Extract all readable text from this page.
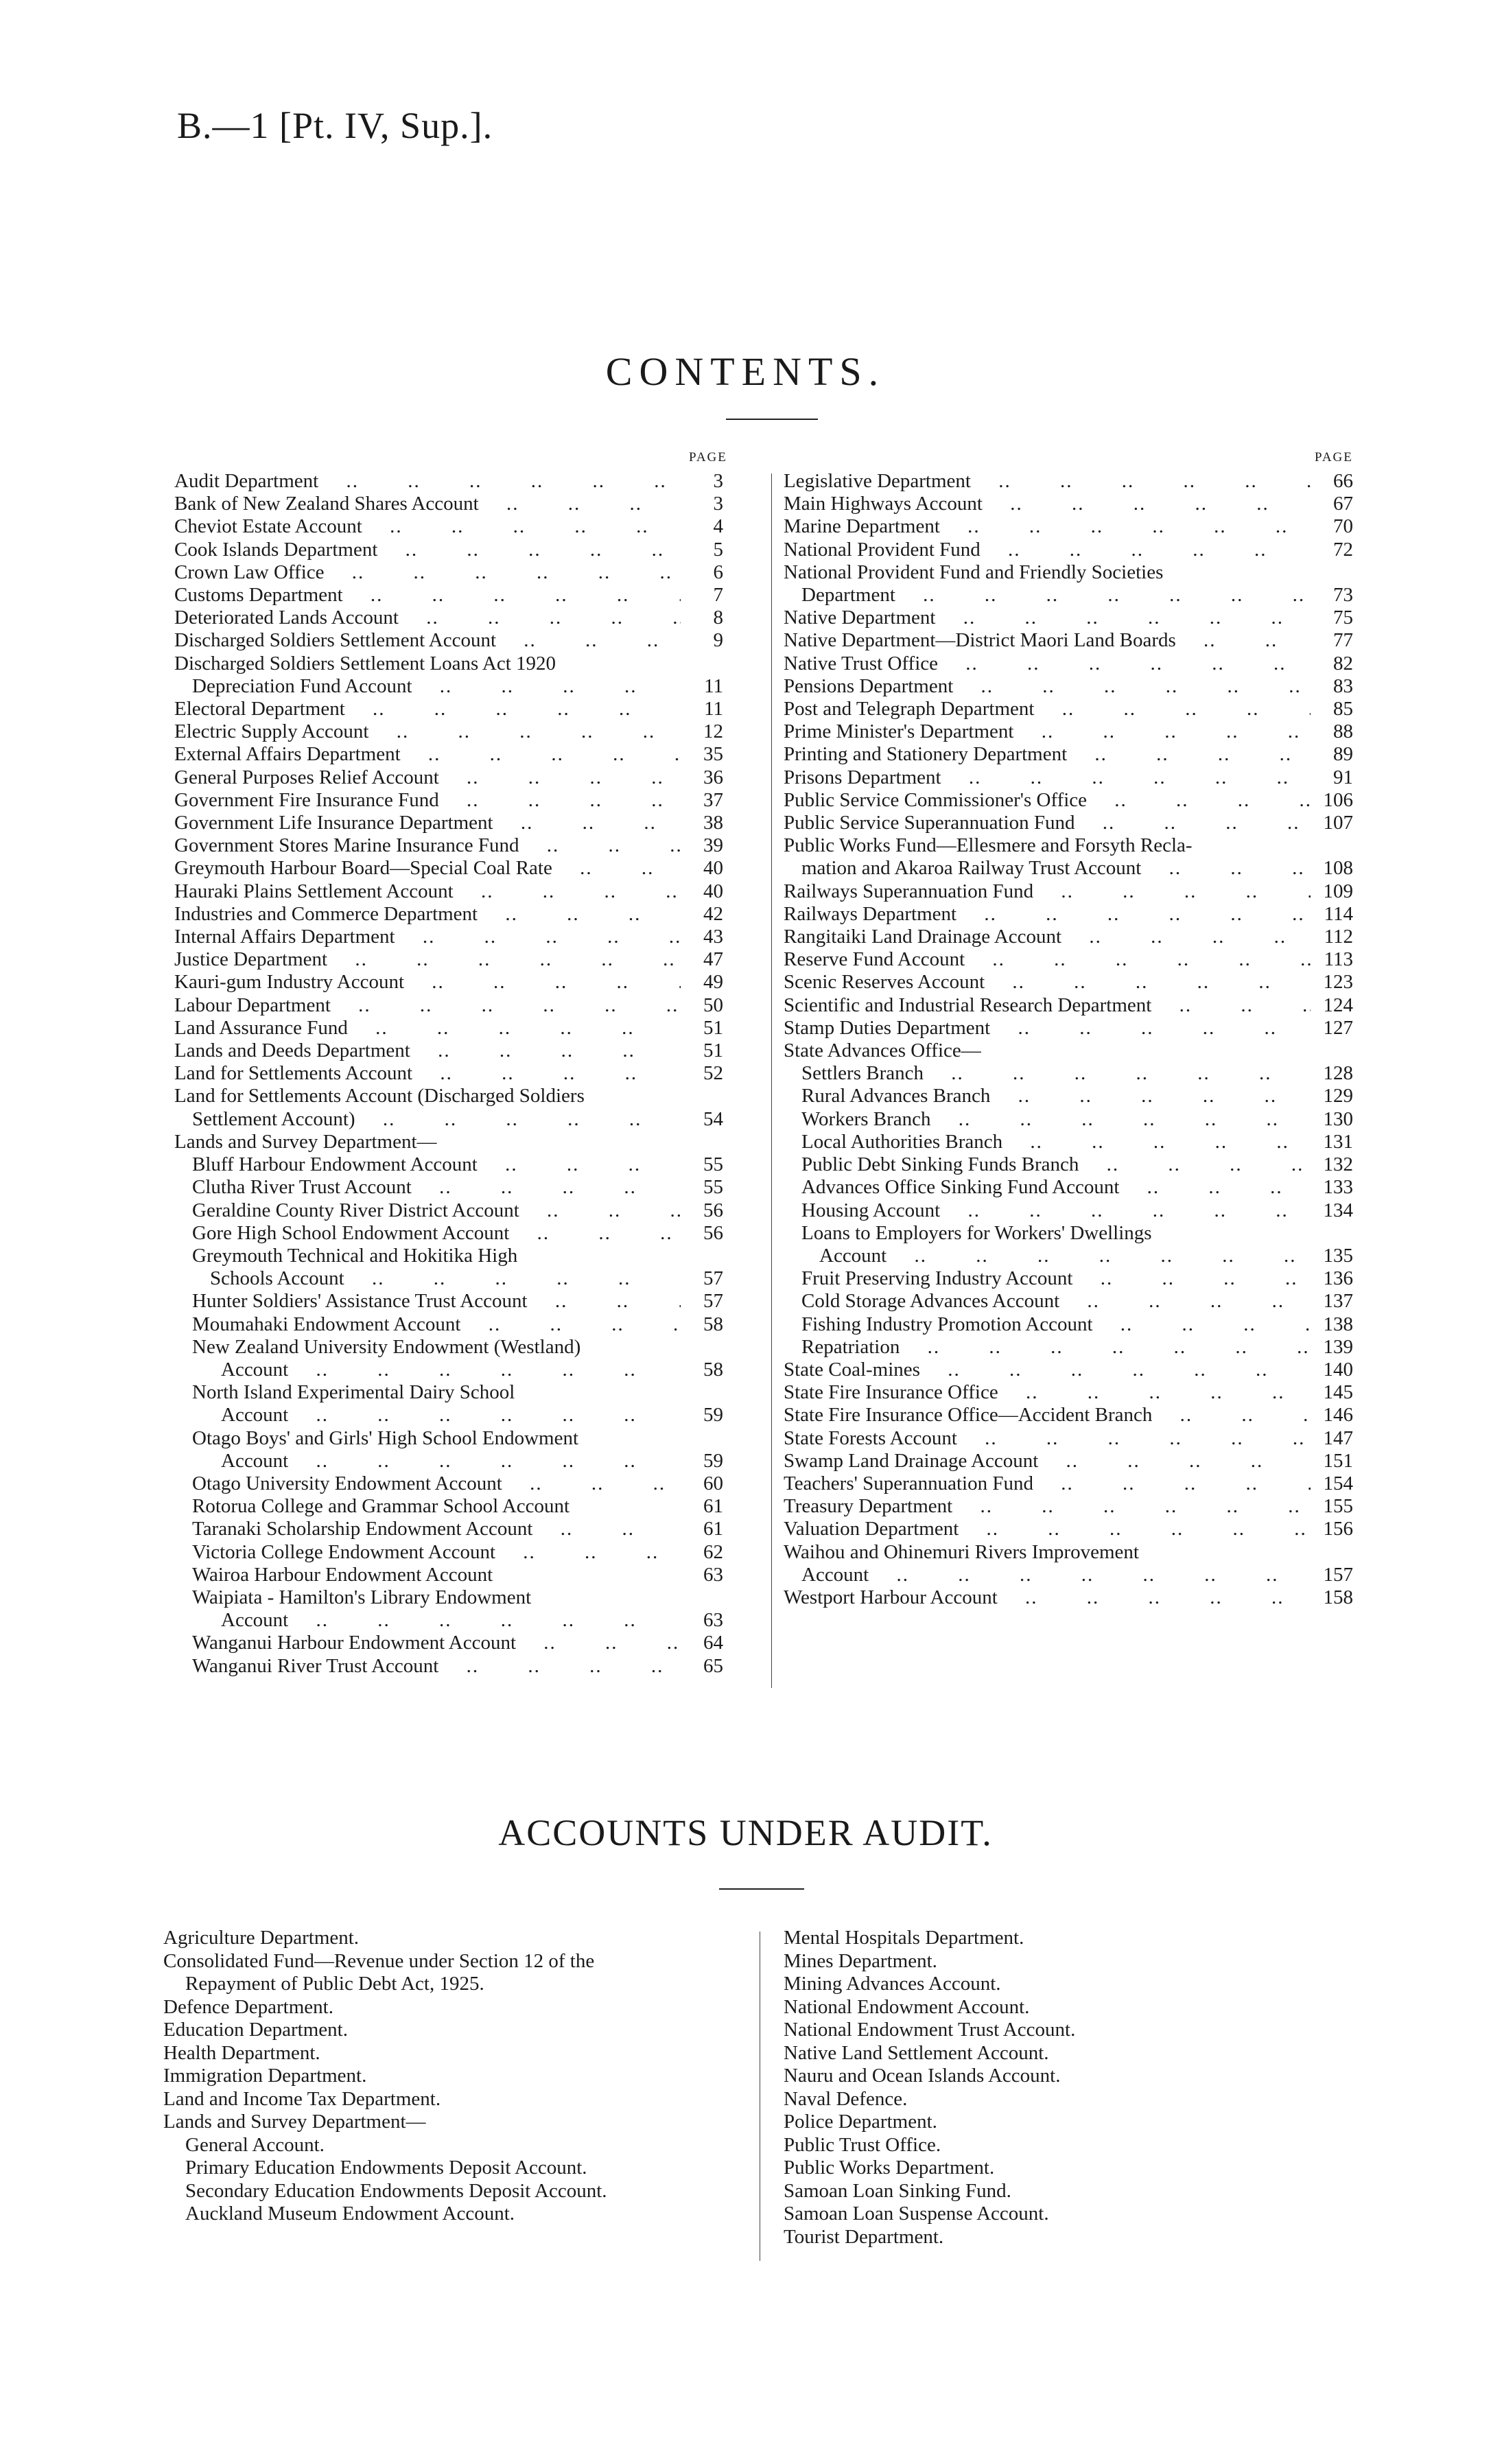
B.—1 [Pt. IV, Sup.].
CONTENTS.
PAGE	PAGE
Audit Department ..   	3
Bank of New Zealand Shares Account ..   	3
Cheviot Estate Account ..   	4
Cook Islands Department ..   	5
Crown Law Office ..   	6
Customs Department ..   	7
Deteriorated Lands Account ..   	8
Discharged Soldiers Settlement Account ..   	9
Discharged Soldiers Settlement Loans Act 1920
Depreciation Fund Account ..   	11
Electoral Department ..   	11
Electric Supply Account ..   	12
External Affairs Department ..   	35
General Purposes Relief Account ..   	36
Government Fire Insurance Fund ..   	37
Government Life Insurance Department ..   	38
Government Stores Marine Insurance Fund ..   	39
Greymouth Harbour Board—Special Coal Rate ..   	40
Hauraki Plains Settlement Account ..   	40
Industries and Commerce Department ..   	42
Internal Affairs Department ..   	43
Justice Department ..   	47
Kauri-gum Industry Account ..   	49
Labour Department ..   	50
Land Assurance Fund ..   	51
Lands and Deeds Department ..   	51
Land for Settlements Account ..   	52
Land for Settlements Account (Discharged Soldiers
Settlement Account) ..   	54
Lands and Survey Department—
Bluff Harbour Endowment Account ..   	55
Clutha River Trust Account ..   	55
Geraldine County River District Account ..   	56
Gore High School Endowment Account ..   	56
Greymouth Technical and Hokitika High
Schools Account ..   	57
Hunter Soldiers' Assistance Trust Account ..   	57
Moumahaki Endowment Account ..   	58
New Zealand University Endowment (Westland)
Account ..   	58
North Island Experimental Dairy School
Account ..   	59
Otago Boys' and Girls' High School Endowment
Account ..   	59
Otago University Endowment Account ..   	60
Rotorua College and Grammar School Account	61
Taranaki Scholarship Endowment Account ..   	61
Victoria College Endowment Account ..   	62
Wairoa Harbour Endowment Account	63
Waipiata - Hamilton's Library Endowment
Account ..   	63
Wanganui Harbour Endowment Account ..   	64
Wanganui River Trust Account ..   	65
Legislative Department ..   	66
Main Highways Account ..   	67
Marine Department ..   	70
National Provident Fund ..   	72
National Provident Fund and Friendly Societies
Department ..   	73
Native Department ..   	75
Native Department—District Maori Land Boards ..   	77
Native Trust Office ..   	82
Pensions Department ..   	83
Post and Telegraph Department ..   	85
Prime Minister's Department ..   	88
Printing and Stationery Department ..   	89
Prisons Department ..   	91
Public Service Commissioner's Office ..   	106
Public Service Superannuation Fund ..   	107
Public Works Fund—Ellesmere and Forsyth Recla-
mation and Akaroa Railway Trust Account ..   	108
Railways Superannuation Fund ..   	109
Railways Department ..   	114
Rangitaiki Land Drainage Account ..   	112
Reserve Fund Account ..   	113
Scenic Reserves Account ..   	123
Scientific and Industrial Research Department ..   	124
Stamp Duties Department ..   	127
State Advances Office—
Settlers Branch ..   	128
Rural Advances Branch ..   	129
Workers Branch ..   	130
Local Authorities Branch ..   	131
Public Debt Sinking Funds Branch ..   	132
Advances Office Sinking Fund Account ..   	133
Housing Account ..   	134
Loans to Employers for Workers' Dwellings
Account ..   	135
Fruit Preserving Industry Account ..   	136
Cold Storage Advances Account ..   	137
Fishing Industry Promotion Account ..   	138
Repatriation ..   	139
State Coal-mines ..   	140
State Fire Insurance Office ..   	145
State Fire Insurance Office—Accident Branch ..   	146
State Forests Account ..   	147
Swamp Land Drainage Account ..   	151
Teachers' Superannuation Fund ..   	154
Treasury Department ..   	155
Valuation Department ..   	156
Waihou and Ohinemuri Rivers Improvement
Account ..   	157
Westport Harbour Account ..   	158
ACCOUNTS UNDER AUDIT.
Agriculture Department.
Consolidated Fund—Revenue under Section 12 of the
Repayment of Public Debt Act, 1925.
Defence Department.
Education Department.
Health Department.
Immigration Department.
Land and Income Tax Department.
Lands and Survey Department—
General Account.
Primary Education Endowments Deposit Account.
Secondary Education Endowments Deposit Account.
Auckland Museum Endowment Account.
Mental Hospitals Department.
Mines Department.
Mining Advances Account.
National Endowment Account.
National Endowment Trust Account.
Native Land Settlement Account.
Nauru and Ocean Islands Account.
Naval Defence.
Police Department.
Public Trust Office.
Public Works Department.
Samoan Loan Sinking Fund.
Samoan Loan Suspense Account.
Tourist Department.
